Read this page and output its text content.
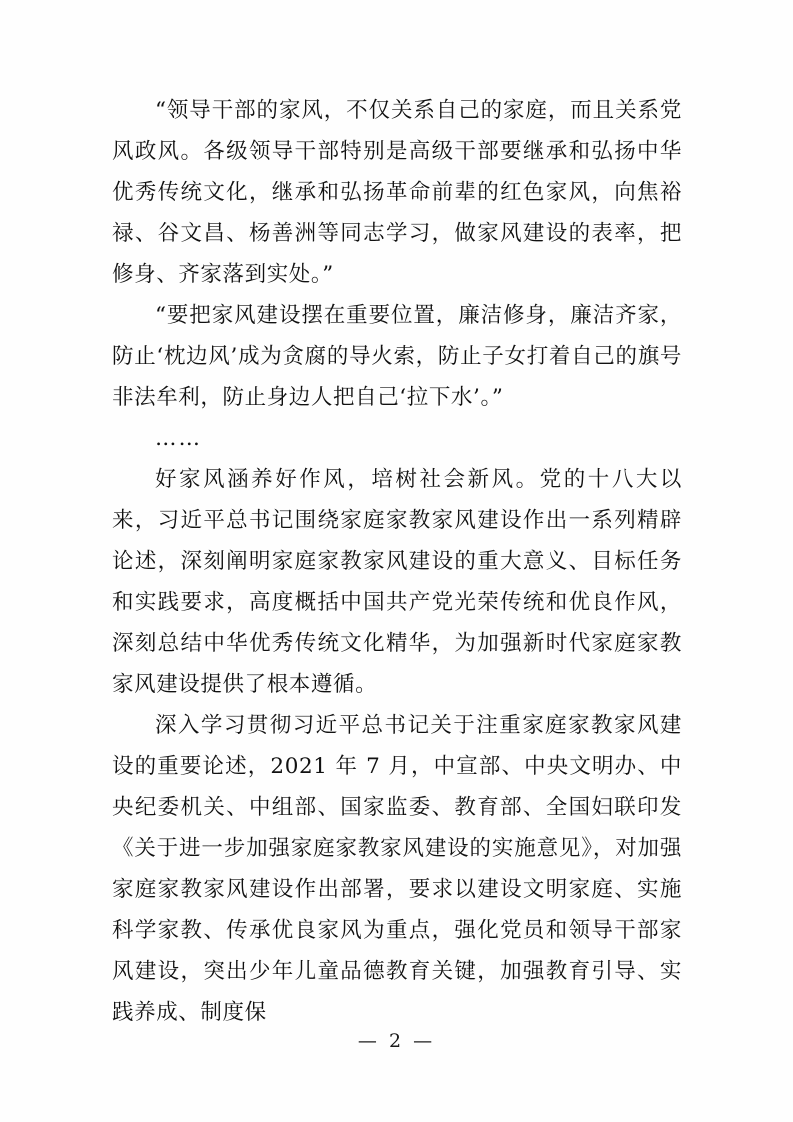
“领导干部的家风，不仅关系自己的家庭，而且关系党风政风。各级领导干部特别是高级干部要继承和弘扬中华优秀传统文化，继承和弘扬革命前辈的红色家风，向焦裕禄、谷文昌、杨善洲等同志学习，做家风建设的表率，把修身、齐家落到实处。”

“要把家风建设摆在重要位置，廉洁修身，廉洁齐家，防止‘枕边风’成为贪腐的导火索，防止子女打着自己的旗号非法牟利，防止身边人把自己‘拉下水’。”

……

好家风涵养好作风，培树社会新风。党的十八大以来，习近平总书记围绕家庭家教家风建设作出一系列精辟论述，深刻阐明家庭家教家风建设的重大意义、目标任务和实践要求，高度概括中国共产党光荣传统和优良作风，深刻总结中华优秀传统文化精华，为加强新时代家庭家教家风建设提供了根本遵循。

深入学习贯彻习近平总书记关于注重家庭家教家风建设的重要论述，2021 年 7 月，中宣部、中央文明办、中央纪委机关、中组部、国家监委、教育部、全国妇联印发《关于进一步加强家庭家教家风建设的实施意见》，对加强家庭家教家风建设作出部署，要求以建设文明家庭、实施科学家教、传承优良家风为重点，强化党员和领导干部家风建设，突出少年儿童品德教育关键，加强教育引导、实践养成、制度保

— 2 —
